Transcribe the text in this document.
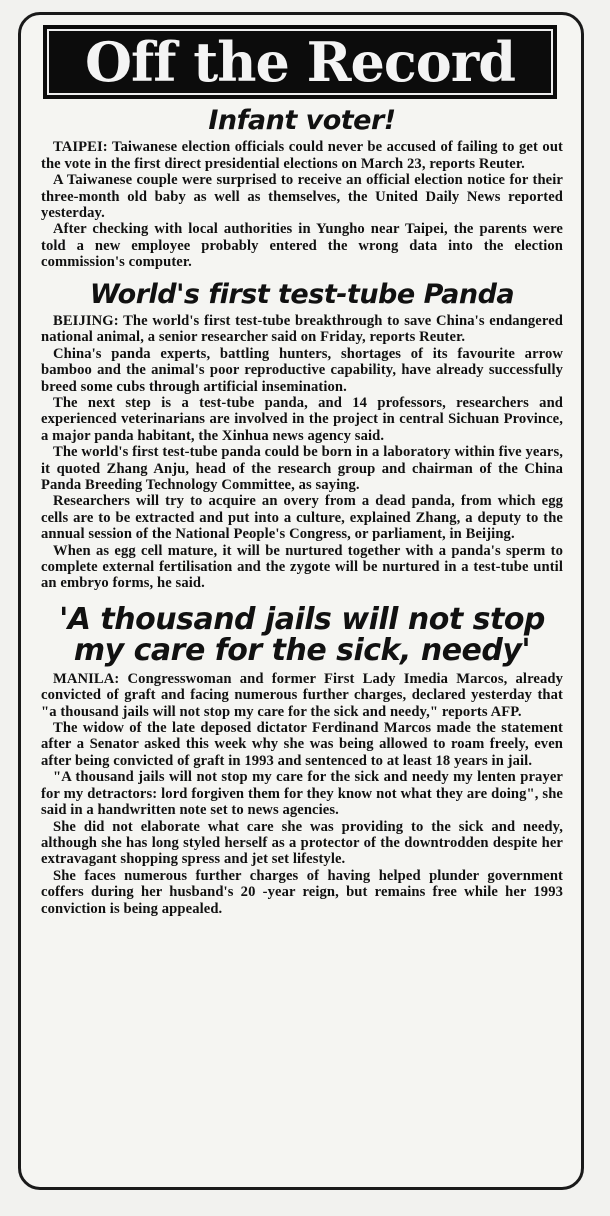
Off the Record
Infant voter!

TAIPEI: Taiwanese election officials could never be accused of failing to get out the vote in the first direct presidential elections on March 23, reports Reuter.

A Taiwanese couple were surprised to receive an official election notice for their three-month old baby as well as themselves, the United Daily News reported yesterday.

After checking with local authorities in Yungho near Taipei, the parents were told a new employee probably entered the wrong data into the election commission's computer.

World's first test-tube Panda

BEIJING: The world's first test-tube breakthrough to save China's endangered national animal, a senior researcher said on Friday, reports Reuter.

China's panda experts, battling hunters, shortages of its favourite arrow bamboo and the animal's poor reproductive capability, have already successfully breed some cubs through artificial insemination.

The next step is a test-tube panda, and 14 professors, researchers and experienced veterinarians are involved in the project in central Sichuan Province, a major panda habitant, the Xinhua news agency said.

The world's first test-tube panda could be born in a laboratory within five years, it quoted Zhang Anju, head of the research group and chairman of the China Panda Breeding Technology Committee, as saying.

Researchers will try to acquire an overy from a dead panda, from which egg cells are to be extracted and put into a culture, explained Zhang, a deputy to the annual session of the National People's Congress, or parliament, in Beijing.

When as egg cell mature, it will be nurtured together with a panda's sperm to complete external fertilisation and the zygote will be nurtured in a test-tube until an embryo forms, he said.

'A thousand jails will not stop my care for the sick, needy'

MANILA: Congresswoman and former First Lady Imedia Marcos, already convicted of graft and facing numerous further charges, declared yesterday that "a thousand jails will not stop my care for the sick and needy," reports AFP.

The widow of the late deposed dictator Ferdinand Marcos made the statement after a Senator asked this week why she was being allowed to roam freely, even after being convicted of graft in 1993 and sentenced to at least 18 years in jail.

"A thousand jails will not stop my care for the sick and needy my lenten prayer for my detractors: lord forgiven them for they know not what they are doing", she said in a handwritten note set to news agencies.

She did not elaborate what care she was providing to the sick and needy, although she has long styled herself as a protector of the downtrodden despite her extravagant shopping spress and jet set lifestyle.

She faces numerous further charges of having helped plunder government coffers during her husband's 20 -year reign, but remains free while her 1993 conviction is being appealed.
